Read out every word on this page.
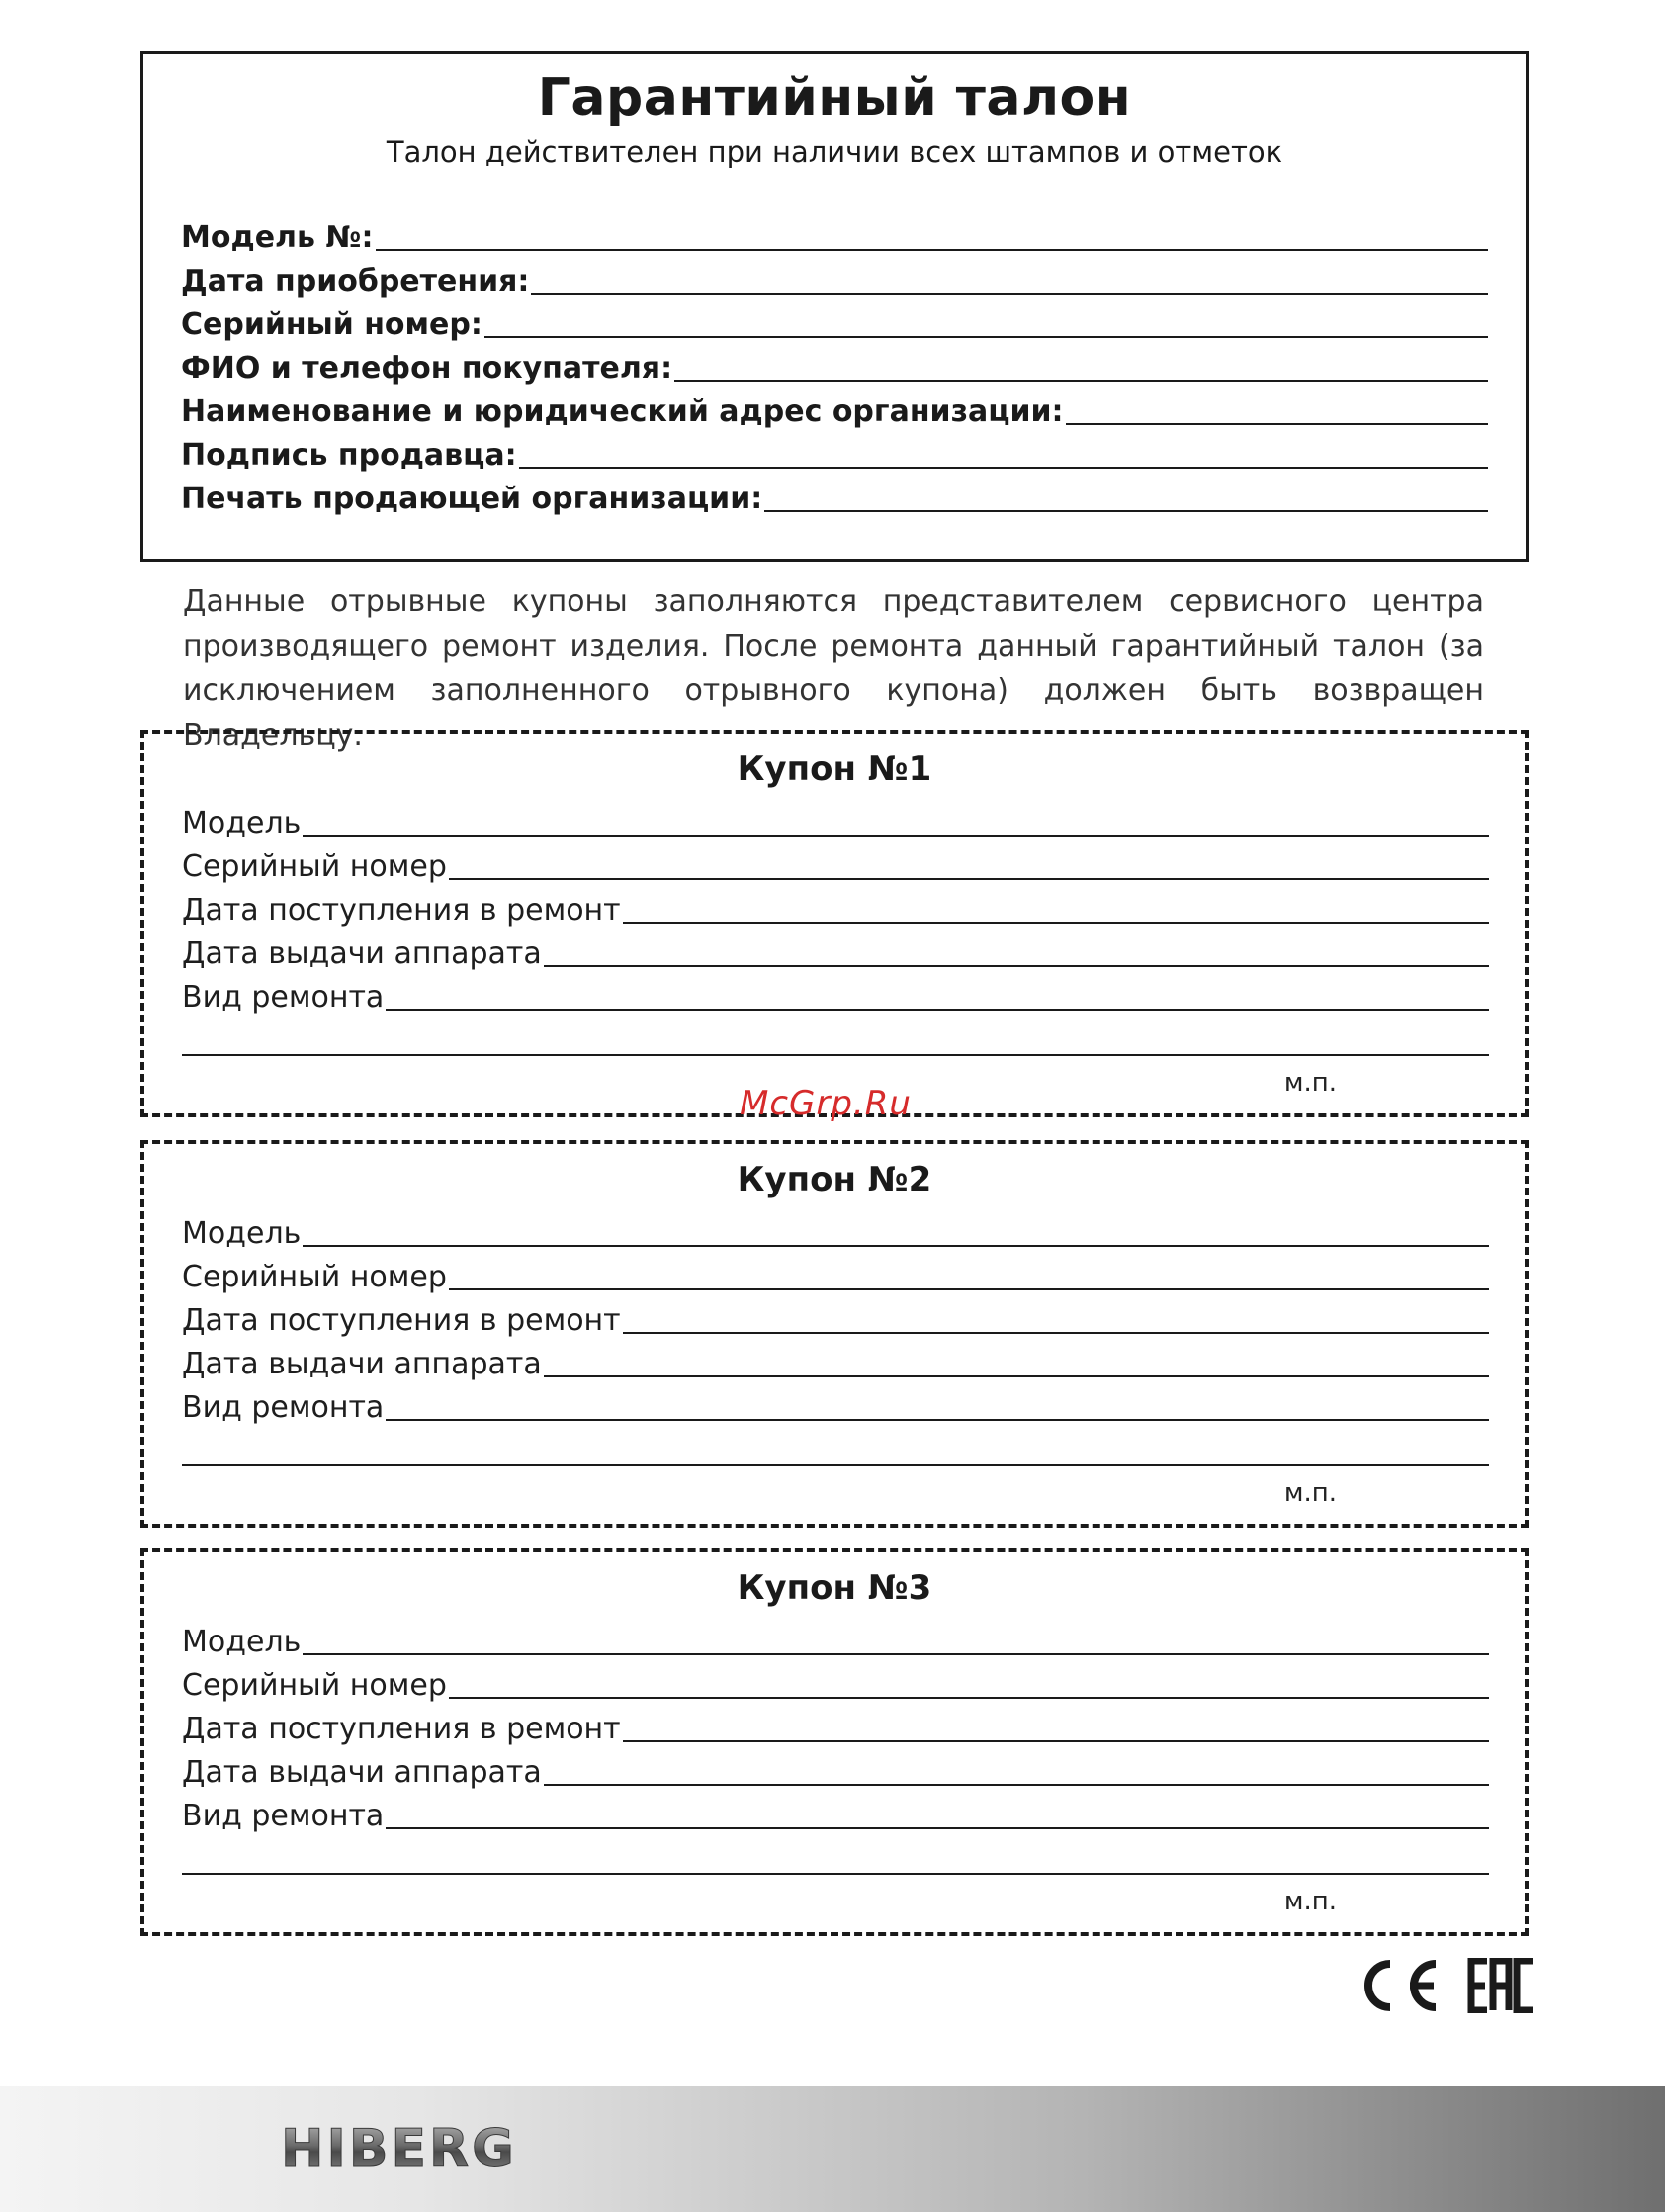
Гарантийный талон
Талон действителен при наличии всех штампов и отметок
Модель №:
Дата приобретения:
Серийный номер:
ФИО и телефон покупателя:
Наименование и юридический адрес организации:
Подпись продавца:
Печать продающей организации:
Данные отрывные купоны заполняются представителем сервисного центра
производящего ремонт изделия. После ремонта данный гарантийный талон (за
исключением заполненного отрывного купона) должен быть возвращен Владельцу.
Купон №1
Модель
Серийный номер
Дата поступления в ремонт
Дата выдачи аппарата
Вид ремонта
м.п.
McGrp.Ru
Купон №2
Модель
Серийный номер
Дата поступления в ремонт
Дата выдачи аппарата
Вид ремонта
м.п.
Купон №3
Модель
Серийный номер
Дата поступления в ремонт
Дата выдачи аппарата
Вид ремонта
м.п.
HIBERG
